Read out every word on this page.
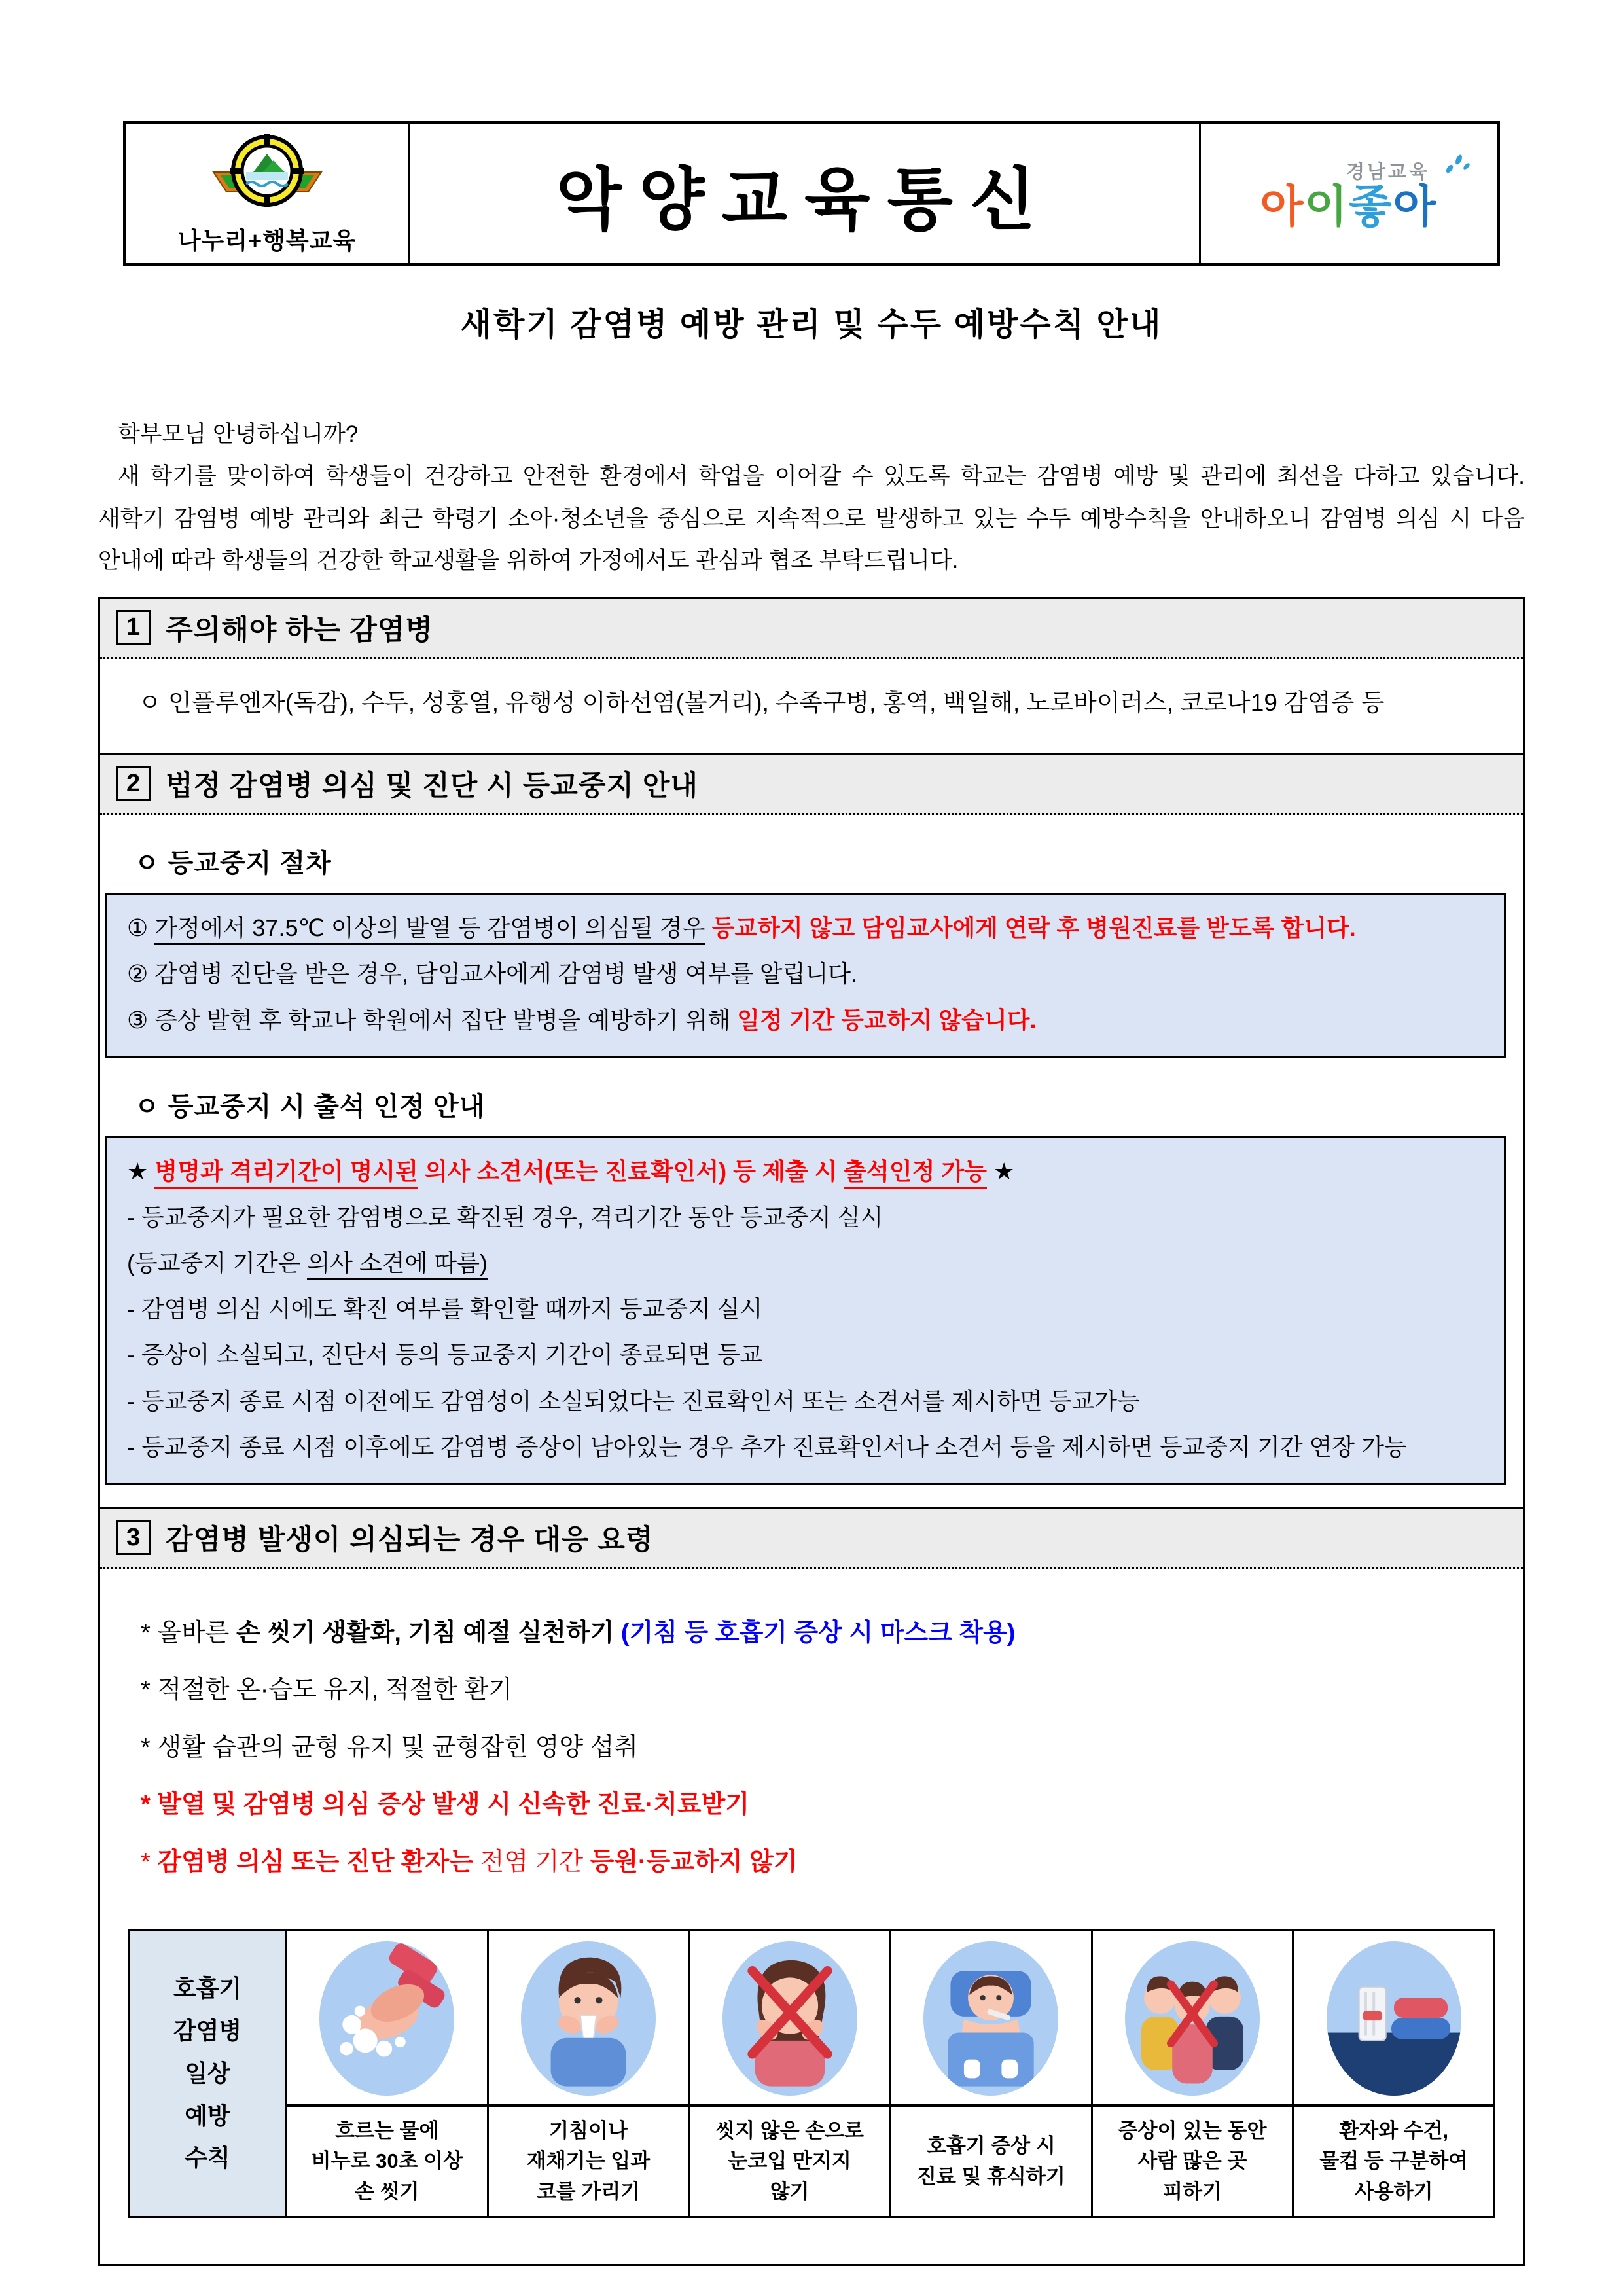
나누리+행복교육
악양교육통신	경남교육
아이좋아
새학기 감염병 예방 관리 및 수두 예방수칙 안내
학부모님 안녕하십니까?
새 학기를 맞이하여 학생들이 건강하고 안전한 환경에서 학업을 이어갈 수 있도록 학교는 감염병 예방 및 관리에 최선을 다하고 있습니다. 새학기 감염병 예방 관리와 최근 학령기 소아·청소년을 중심으로 지속적으로 발생하고 있는 수두 예방수칙을 안내하오니 감염병 의심 시 다음 안내에 따라 학생들의 건강한 학교생활을 위하여 가정에서도 관심과 협조 부탁드립니다.
1 주의해야 하는 감염병
ㅇ 인플루엔자(독감), 수두, 성홍열, 유행성 이하선염(볼거리), 수족구병, 홍역, 백일해, 노로바이러스, 코로나19 감염증 등
2 법정 감염병 의심 및 진단 시 등교중지 안내
ㅇ 등교중지 절차
① 가정에서 37.5℃ 이상의 발열 등 감염병이 의심될 경우 등교하지 않고 담임교사에게 연락 후 병원진료를 받도록 합니다.
② 감염병 진단을 받은 경우, 담임교사에게 감염병 발생 여부를 알립니다.
③ 증상 발현 후 학교나 학원에서 집단 발병을 예방하기 위해 일정 기간 등교하지 않습니다.
ㅇ 등교중지 시 출석 인정 안내
★ 병명과 격리기간이 명시된 의사 소견서(또는 진료확인서) 등 제출 시 출석인정 가능 ★
- 등교중지가 필요한 감염병으로 확진된 경우, 격리기간 동안 등교중지 실시
(등교중지 기간은 의사 소견에 따름)
- 감염병 의심 시에도 확진 여부를 확인할 때까지 등교중지 실시
- 증상이 소실되고, 진단서 등의 등교중지 기간이 종료되면 등교
- 등교중지 종료 시점 이전에도 감염성이 소실되었다는 진료확인서 또는 소견서를 제시하면 등교가능
- 등교중지 종료 시점 이후에도 감염병 증상이 남아있는 경우 추가 진료확인서나 소견서 등을 제시하면 등교중지 기간 연장 가능
3 감염병 발생이 의심되는 경우 대응 요령
* 올바른 손 씻기 생활화, 기침 예절 실천하기 (기침 등 호흡기 증상 시 마스크 착용)
* 적절한 온·습도 유지, 적절한 환기
* 생활 습관의 균형 유지 및 균형잡힌 영양 섭취
* 발열 및 감염병 의심 증상 발생 시 신속한 진료·치료받기
* 감염병 의심 또는 진단 환자는 전염 기간 등원·등교하지 않기
호흡기
감염병
일상
예방
수칙
흐르는 물에
비누로 30초 이상
손 씻기
기침이나
재채기는 입과
코를 가리기
씻지 않은 손으로
눈코입 만지지
않기
호흡기 증상 시
진료 및 휴식하기
증상이 있는 동안
사람 많은 곳
피하기
환자와 수건,
물컵 등 구분하여
사용하기
